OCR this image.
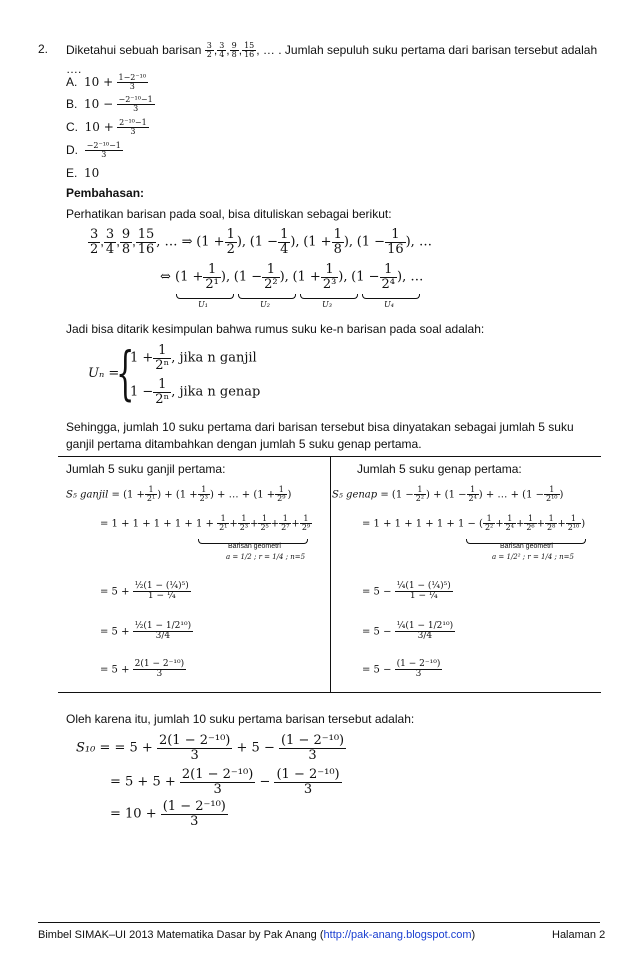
2. Diketahui sebuah barisan $\frac{3}{2}$ , $\frac{3}{4}$ , $\frac{9}{8}$ , $\frac{15}{16}$ , … . Jumlah sepuluh suku pertama dari barisan tersebut adalah
….
A. $10 + \frac{\text{1−2⁻¹⁰}}{3}$
B. $10 - \frac{\text{−2⁻¹⁰−1}}{3}$
C. $10 + \frac{\text{2⁻¹⁰−1}}{3}$
D. $\frac{\text{−2⁻¹⁰−1}}{3}$
E. 10
Pembahasan:
Perhatikan barisan pada soal, bisa dituliskan sebagai berikut:
$\frac{3}{2}$ , $\frac{3}{4}$ , $\frac{9}{8}$ , $\frac{15}{16}$ , … ⇒ ($1 + \frac{1}{2}$ ), ($1 - \frac{1}{4}$ ), ($1 + \frac{1}{8}$ ), ($1 - \frac{1}{16}$ ), …
⇔ ($1 + \frac{1}{\text{2¹}}$ ), ($1 - \frac{1}{\text{2²}}$ ), ($1 + \frac{1}{\text{2³}}$ ), ($1 - \frac{1}{\text{2⁴}}$ ), …
U₁	U₂	U₃	U₄
Jadi bisa ditarik kesimpulan bahwa rumus suku ke-n barisan pada soal adalah:
Uₙ =
{
$1 + \frac{1}{\text{2ⁿ}}$ , jika n ganjil
$1 - \frac{1}{\text{2ⁿ}}$ , jika n genap
Sehingga, jumlah 10 suku pertama dari barisan tersebut bisa dinyatakan sebagai jumlah 5 suku
ganjil pertama ditambahkan dengan jumlah 5 suku genap pertama.
Jumlah 5 suku ganjil pertama:	Jumlah 5 suku genap pertama:
S₅ ganjil = ($1 + \frac{1}{\text{2¹}}$ ) + ($1 + \frac{1}{\text{2³}}$ ) + … + ($1 + \frac{1}{\text{2⁹}}$ )
= $1 + 1 + 1 + 1 + 1 + \frac{1}{\text{2¹}} + \frac{1}{\text{2³}} + \frac{1}{\text{2⁵}} + \frac{1}{\text{2⁷}} + \frac{1}{\text{2⁹}}$
Barisan geometri
a = 1/2 ; r = 1/4 ; n=5
= $5 + \frac{\text{½(1 − (¼)⁵)}}{\text{1 − ¼}}$
= $5 + \frac{\text{½(1 − 1/2¹⁰)}}{3/4}$
= $5 + \frac{\text{2(1 − 2⁻¹⁰)}}{3}$
S₅ genap = ($1 - \frac{1}{\text{2²}}$ ) + ($1 - \frac{1}{\text{2⁴}}$ ) + … + ($1 - \frac{1}{\text{2¹⁰}}$ )
= 1 + 1 + 1 + 1 + 1 − ( $\frac{1}{\text{2²}} + \frac{1}{\text{2⁴}} + \frac{1}{\text{2⁶}} + \frac{1}{\text{2⁸}} + \frac{1}{\text{2¹⁰}}$ )
Barisan geometri
a = 1/2² ; r = 1/4 ; n=5
= $5 - \frac{\text{¼(1 − (¼)⁵)}}{\text{1 − ¼}}$
= $5 - \frac{\text{¼(1 − 1/2¹⁰)}}{3/4}$
= $5 - \frac{\text{(1 − 2⁻¹⁰)}}{3}$
Oleh karena itu, jumlah 10 suku pertama barisan tersebut adalah:
S₁₀ = = $5 + \frac{\text{2(1 − 2⁻¹⁰)}}{3} + 5 - \frac{\text{(1 − 2⁻¹⁰)}}{3}$
= $5 + 5 + \frac{\text{2(1 − 2⁻¹⁰)}}{3} - \frac{\text{(1 − 2⁻¹⁰)}}{3}$
= $10 + \frac{\text{(1 − 2⁻¹⁰)}}{3}$
Bimbel SIMAK–UI 2013 Matematika Dasar by Pak Anang (http://pak-anang.blogspot.com)	Halaman 2
